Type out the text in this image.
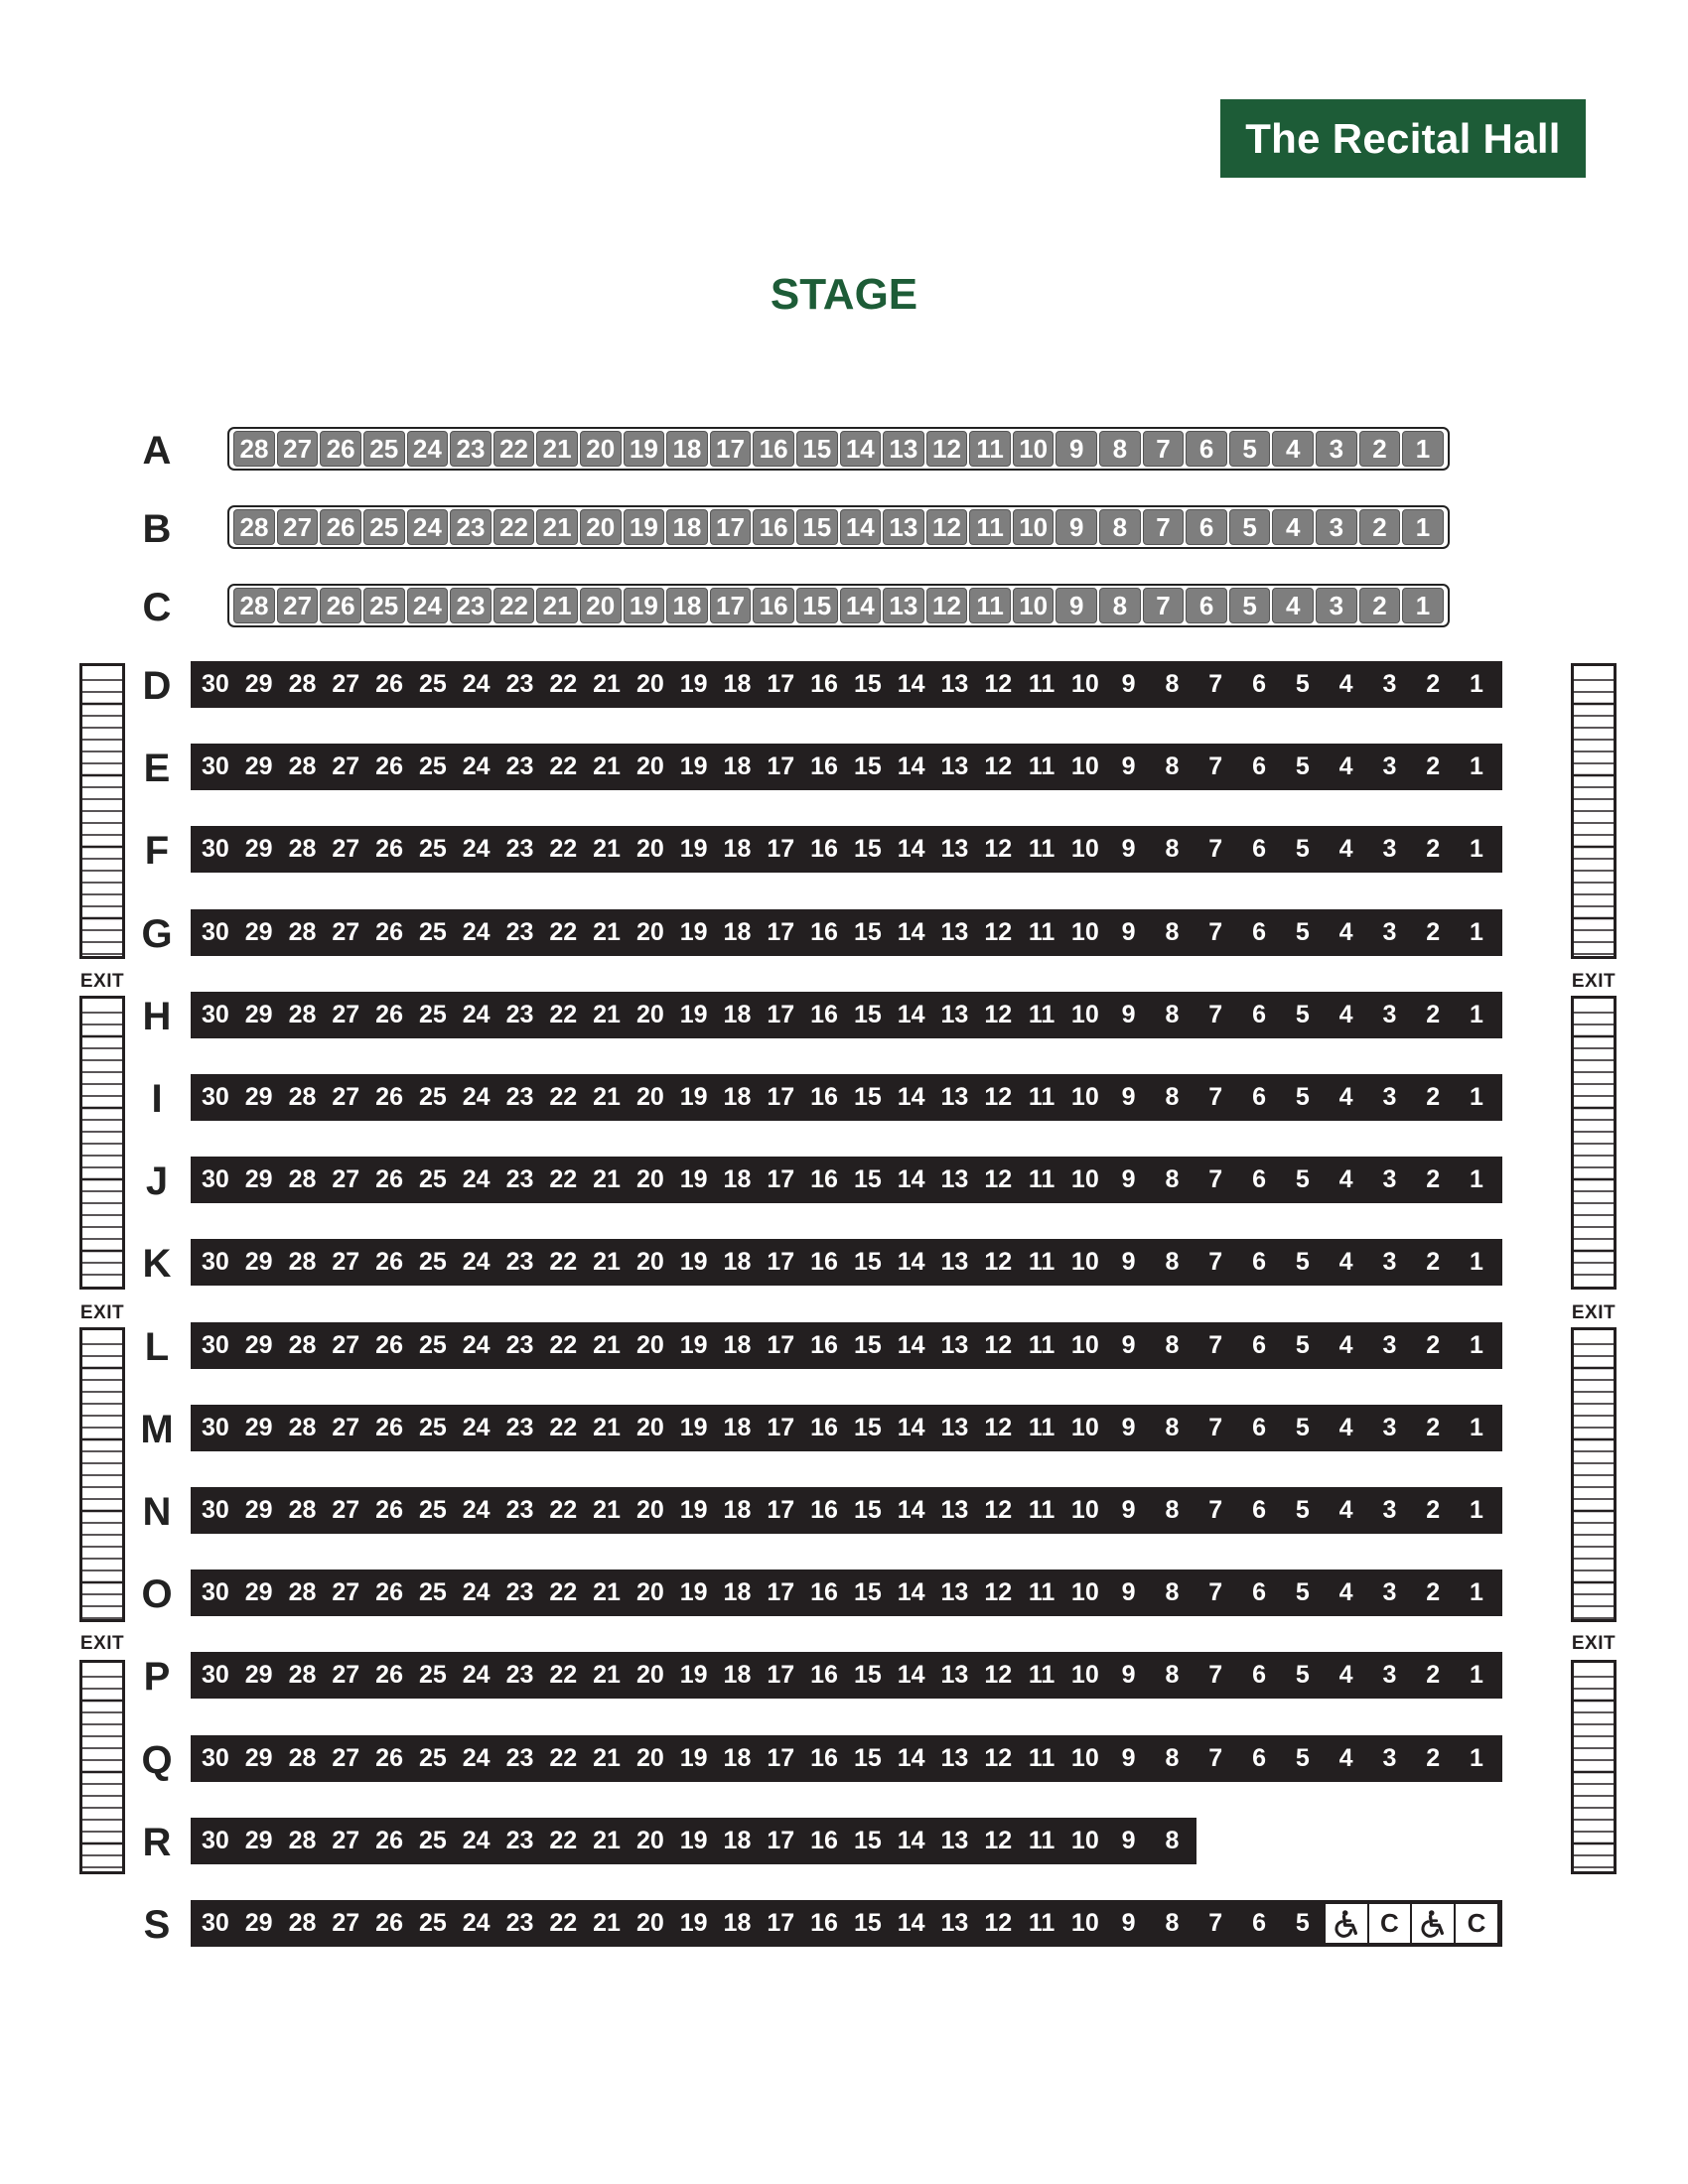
The Recital Hall
STAGE
A	28 27 26 25 24 23 22 21 20 19 18 17 16 15 14 13 12 11 10 9	8	7	6	5	4	3	2	1
B	28 27 26 25 24 23 22 21 20 19 18 17 16 15 14 13 12 11 10 9	8	7	6	5	4	3	2	1
C	28 27 26 25 24 23 22 21 20 19 18 17 16 15 14 13 12 11 10 9	8	7	6	5	4	3	2	1
D	30 29 28 27 26 25 24 23 22 21 20 19 18 17 16 15 14 13 12 11 10 9	8	7	6	5	4	3	2	1
E	30 29 28 27 26 25 24 23 22 21 20 19 18 17 16 15 14 13 12 11 10 9	8	7	6	5	4	3	2	1
F	30 29 28 27 26 25 24 23 22 21 20 19 18 17 16 15 14 13 12 11 10 9	8	7	6	5	4	3	2	1
G	30 29 28 27 26 25 24 23 22 21 20 19 18 17 16 15 14 13 12 11 10 9	8	7	6	5	4	3	2	1
H	30 29 28 27 26 25 24 23 22 21 20 19 18 17 16 15 14 13 12 11 10 9	8	7	6	5	4	3	2	1
I	30 29 28 27 26 25 24 23 22 21 20 19 18 17 16 15 14 13 12 11 10 9	8	7	6	5	4	3	2	1
J	30 29 28 27 26 25 24 23 22 21 20 19 18 17 16 15 14 13 12 11 10 9	8	7	6	5	4	3	2	1
K	30 29 28 27 26 25 24 23 22 21 20 19 18 17 16 15 14 13 12 11 10 9	8	7	6	5	4	3	2	1
L	30 29 28 27 26 25 24 23 22 21 20 19 18 17 16 15 14 13 12 11 10 9	8	7	6	5	4	3	2	1
M	30 29 28 27 26 25 24 23 22 21 20 19 18 17 16 15 14 13 12 11 10 9	8	7	6	5	4	3	2	1
N	30 29 28 27 26 25 24 23 22 21 20 19 18 17 16 15 14 13 12 11 10 9	8	7	6	5	4	3	2	1
O	30 29 28 27 26 25 24 23 22 21 20 19 18 17 16 15 14 13 12 11 10 9	8	7	6	5	4	3	2	1
P	30 29 28 27 26 25 24 23 22 21 20 19 18 17 16 15 14 13 12 11 10 9	8	7	6	5	4	3	2	1
Q	30 29 28 27 26 25 24 23 22 21 20 19 18 17 16 15 14 13 12 11 10 9	8	7	6	5	4	3	2	1
R	30 29 28 27 26 25 24 23 22 21 20 19 18 17 16 15 14 13 12 11 10 9	8
S	30 29 28 27 26 25 24 23 22 21 20 19 18 17 16 15 14 13 12 11 10 9	8	7	6	5	C	C
EXIT
EXIT
EXIT
EXIT
EXIT
EXIT
